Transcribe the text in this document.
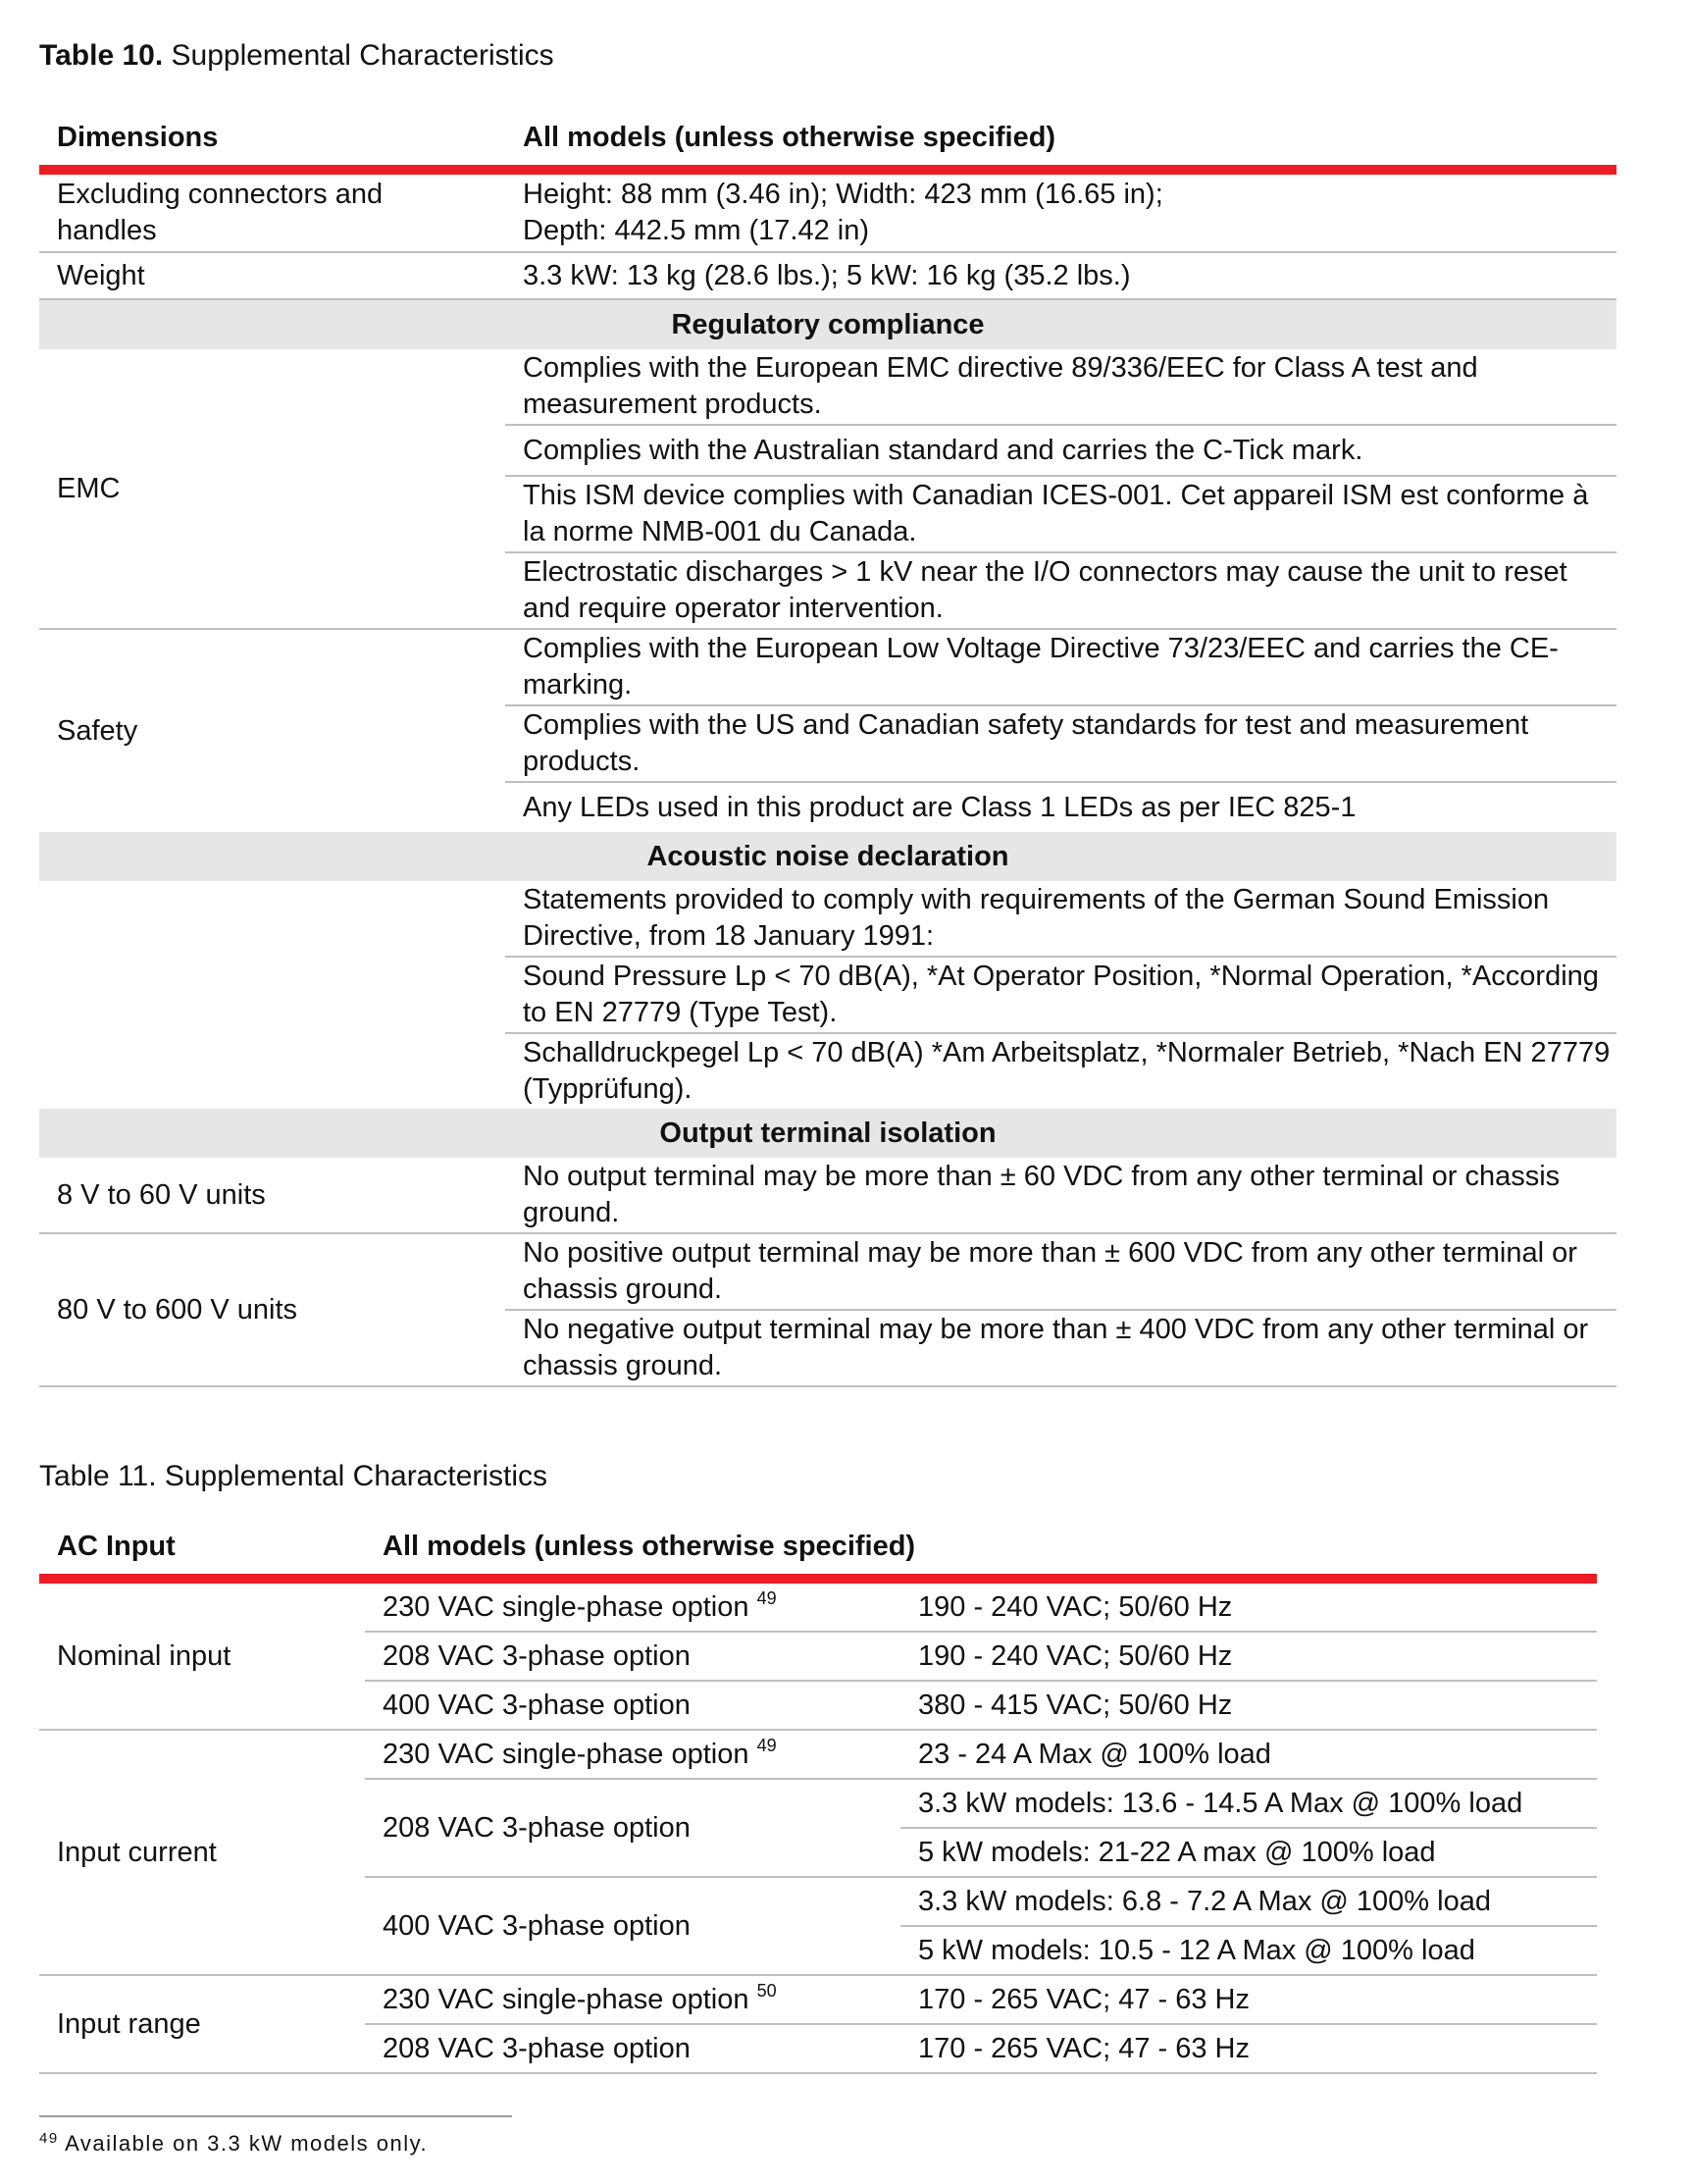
Table 10. Supplemental Characteristics
Dimensions	All models (unless otherwise specified)
Excluding connectors and handles	Height: 88 mm (3.46 in); Width: 423 mm (16.65 in);
Depth: 442.5 mm (17.42 in)

Weight	3.3 kW: 13 kg (28.6 lbs.); 5 kW: 16 kg (35.2 lbs.)
Regulatory compliance	
EMC	Complies with the European EMC directive 89/336/EEC for Class A test and measurement products.
	Complies with the Australian standard and carries the C-Tick mark.
	This ISM device complies with Canadian ICES-001. Cet appareil ISM est conforme à la norme NMB-001 du Canada.
	Electrostatic discharges > 1 kV near the I/O connectors may cause the unit to reset and require operator intervention.
Safety	Complies with the European Low Voltage Directive 73/23/EEC and carries the CE-marking.
	Complies with the US and Canadian safety standards for test and measurement products.
	Any LEDs used in this product are Class 1 LEDs as per IEC 825-1
Acoustic noise declaration	
	Statements provided to comply with requirements of the German Sound Emission Directive, from 18 January 1991:
	Sound Pressure Lp < 70 dB(A), *At Operator Position, *Normal Operation, *According to EN 27779 (Type Test).
	Schalldruckpegel Lp < 70 dB(A) *Am Arbeitsplatz, *Normaler Betrieb, *Nach EN 27779 (Typprüfung).
Output terminal isolation	
8 V to 60 V units	No output terminal may be more than ± 60 VDC from any other terminal or chassis ground.
80 V to 600 V units	No positive output terminal may be more than ± 600 VDC from any other terminal or chassis ground.
	No negative output terminal may be more than ± 400 VDC from any other terminal or chassis ground.
Table 11. Supplemental Characteristics
AC Input	All models (unless otherwise specified)	
Nominal input	230 VAC single-phase option $^{49}$	190 - 240 VAC; 50/60 Hz
	208 VAC 3-phase option	190 - 240 VAC; 50/60 Hz
	400 VAC 3-phase option	380 - 415 VAC; 50/60 Hz
Input current	230 VAC single-phase option $^{49}$	23 - 24 A Max @ 100% load
	208 VAC 3-phase option	3.3 kW models: 13.6 - 14.5 A Max @ 100% load
		5 kW models: 21-22 A max @ 100% load
	400 VAC 3-phase option	3.3 kW models: 6.8 - 7.2 A Max @ 100% load
		5 kW models: 10.5 - 12 A Max @ 100% load
Input range	230 VAC single-phase option $^{50}$	170 - 265 VAC; 47 - 63 Hz
	208 VAC 3-phase option	170 - 265 VAC; 47 - 63 Hz
$^{49}$ Available on 3.3 kW models only.
